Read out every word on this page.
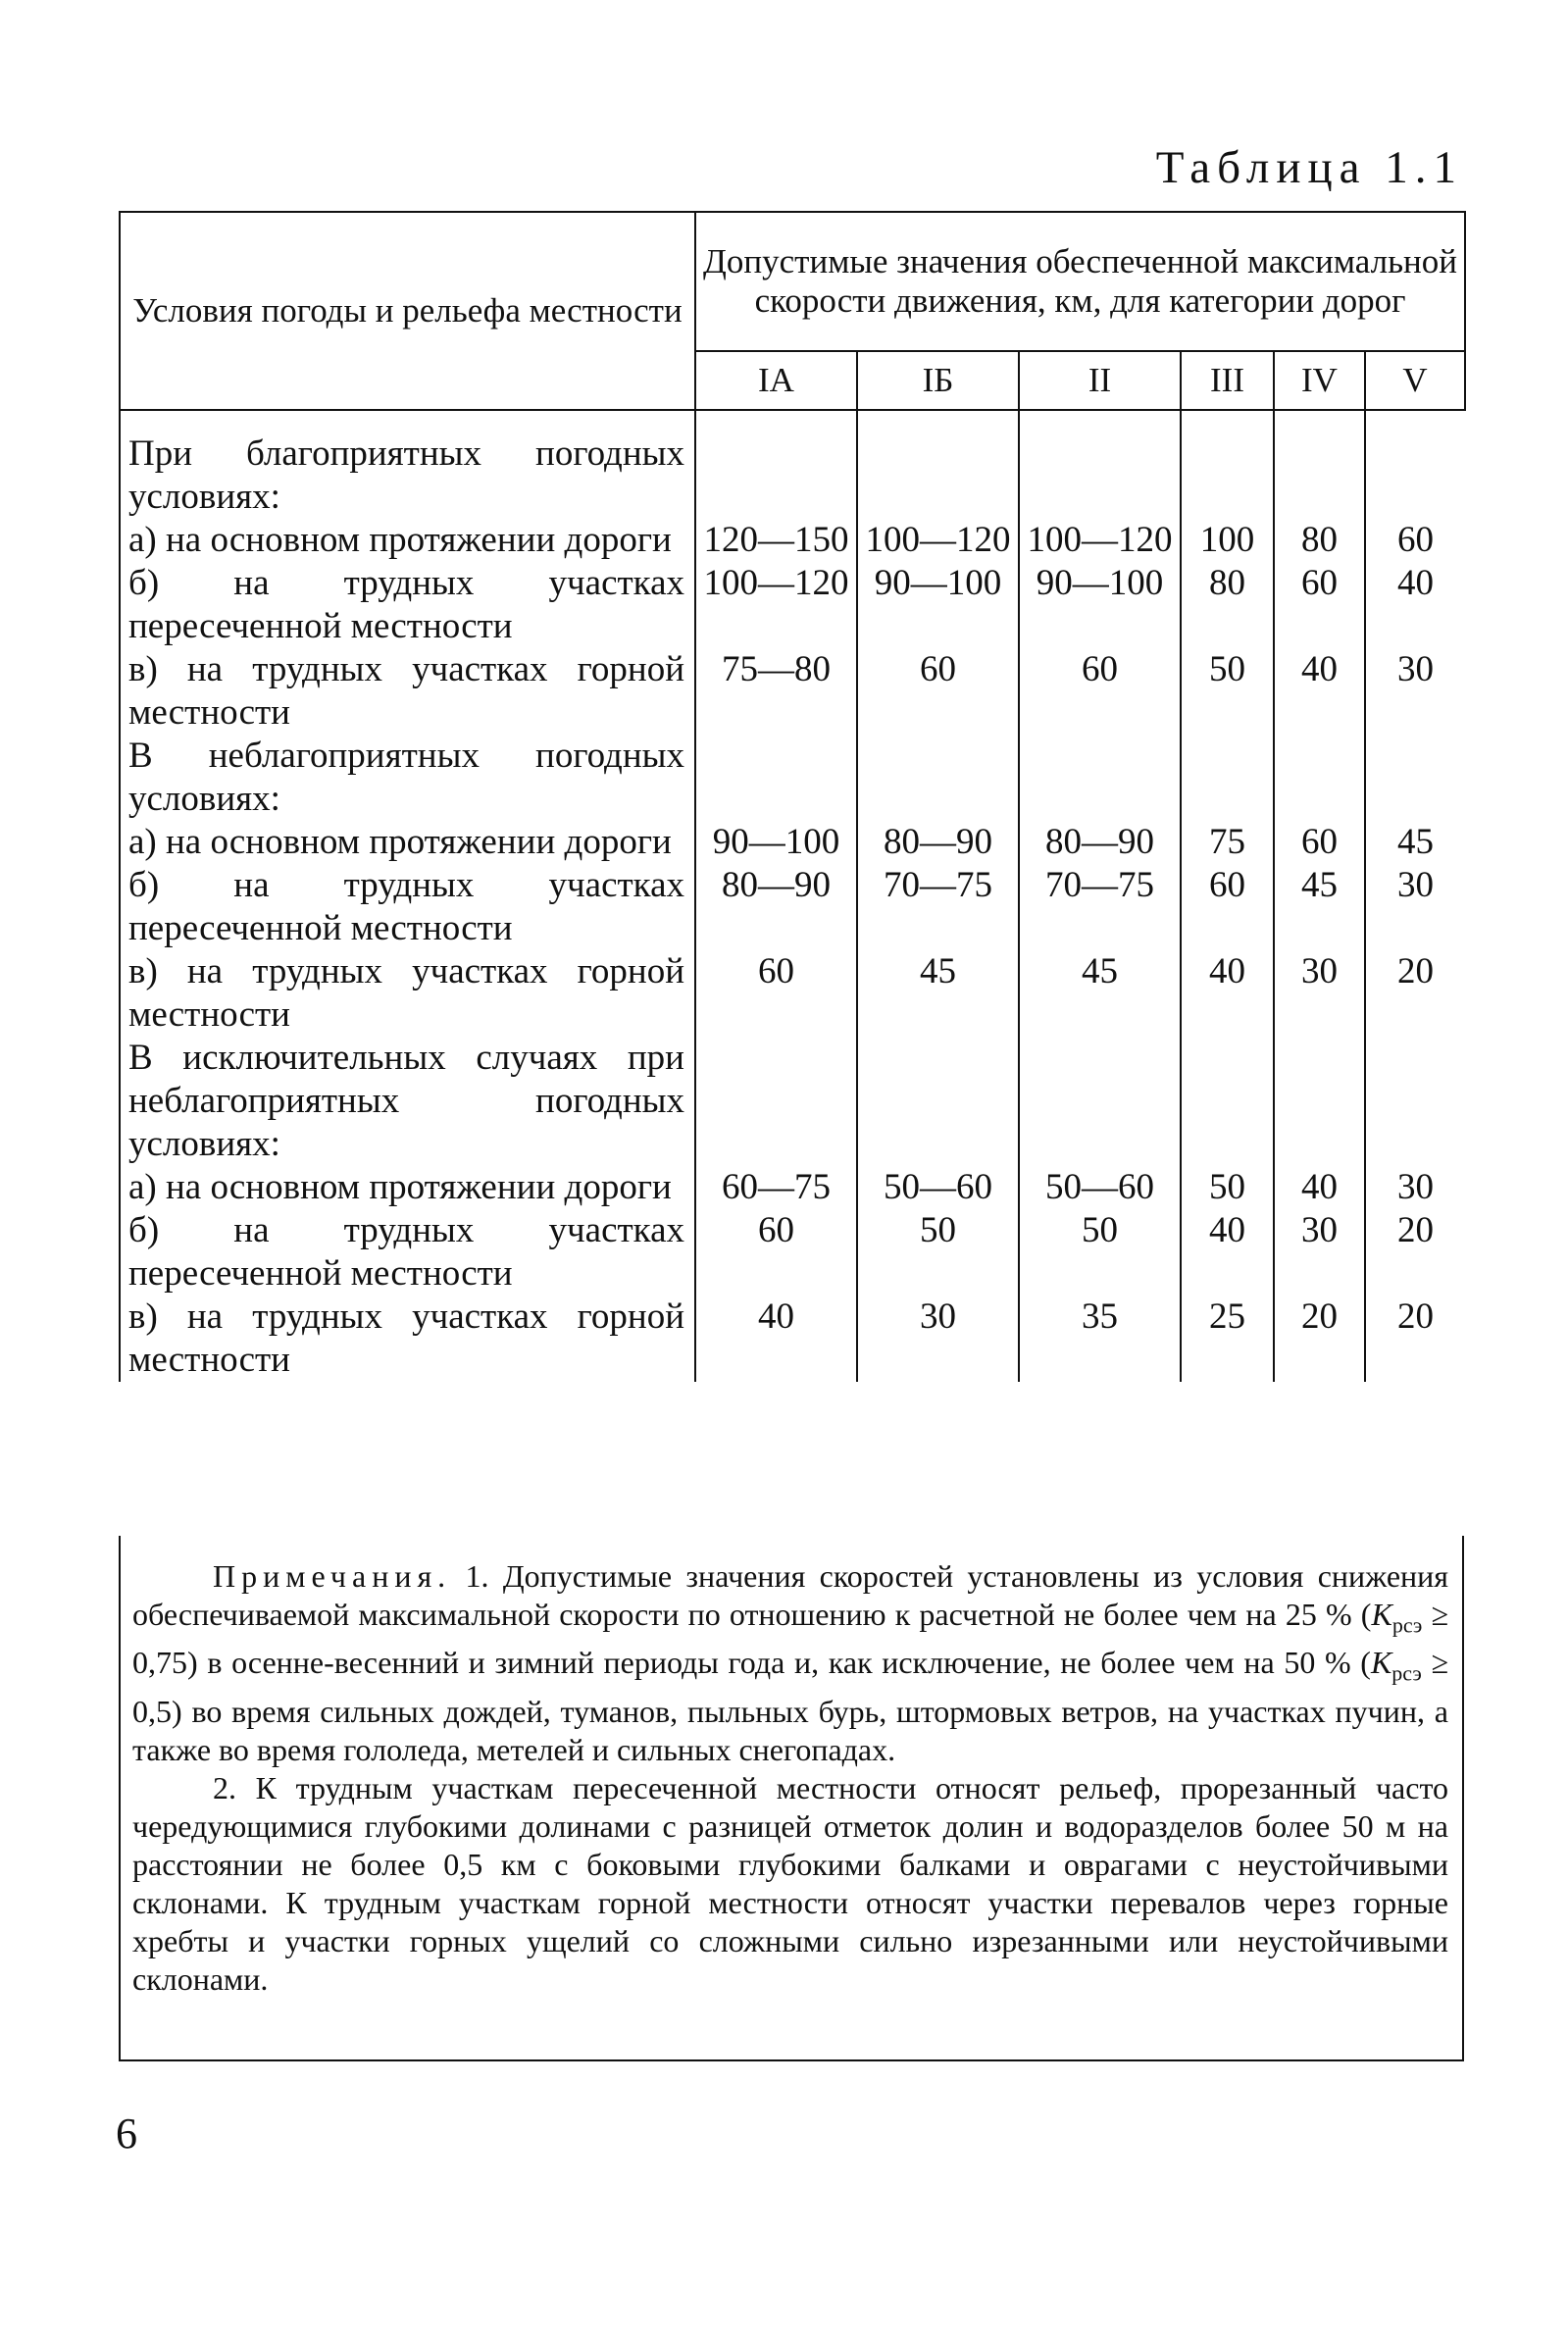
Таблица 1.1
Условия погоды и рельефа местности	Допустимые значения обеспеченной максимальной скорости движения, км, для категории дорог					
	IA	IБ	II	III	IV	V
При благоприятных погодных условиях:						
а) на основном протяжении дороги	120—150	100—120	100—120	100	80	60
б) на трудных участках пересеченной местности	100—120	90—100	90—100	80	60	40
в) на трудных участках горной местности	75—80	60	60	50	40	30
В неблагоприятных погодных условиях:						
а) на основном протяжении дороги	90—100	80—90	80—90	75	60	45
б) на трудных участках пересеченной местности	80—90	70—75	70—75	60	45	30
в) на трудных участках горной местности	60	45	45	40	30	20
В исключительных случаях при неблагоприятных погодных условиях:						
а) на основном протяжении дороги	60—75	50—60	50—60	50	40	30
б) на трудных участках пересеченной местности	60	50	50	40	30	20
в) на трудных участках горной местности	40	30	35	25	20	20

Примечания. 1. Допустимые значения скоростей установлены из условия снижения обеспечиваемой максимальной скорости по отношению к расчетной не более чем на 25 % $(K_{рсэ} \ge 0,75)$ в осенне-весенний и зимний периоды года и, как исключение, не более чем на 50 % $(K_{рсэ} \ge 0,5)$ во время сильных дождей, туманов, пыльных бурь, штормовых ветров, на участках пучин, а также во время гололеда, метелей и сильных снегопадах.

2. К трудным участкам пересеченной местности относят рельеф, прорезанный часто чередующимися глубокими долинами с разницей отметок долин и водоразделов более 50 м на расстоянии не более 0,5 км с боковыми глубокими балками и оврагами с неустойчивыми склонами. К трудным участкам горной местности относят участки перевалов через горные хребты и участки горных ущелий со сложными сильно изрезанными или неустойчивыми склонами.

6
